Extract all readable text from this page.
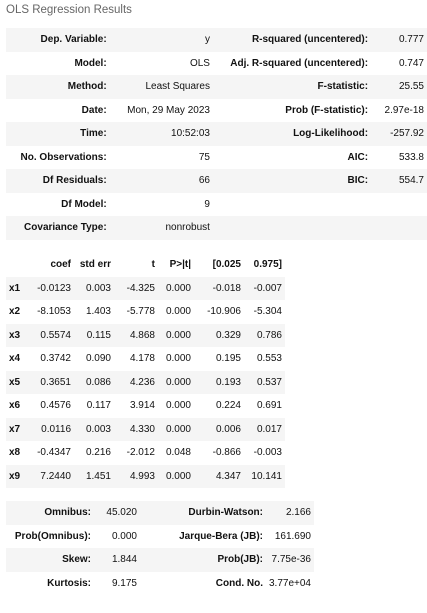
OLS Regression Results
Dep. Variable:	y	R-squared (uncentered):	0.777
Model:	OLS	Adj. R-squared (uncentered):	0.747
Method:	Least Squares	F-statistic:	25.55
Date:	Mon, 29 May 2023	Prob (F-statistic):	2.97e-18
Time:	10:52:03	Log-Likelihood:	-257.92
No. Observations:	75	AIC:	533.8
Df Residuals:	66	BIC:	554.7
Df Model:	9		
Covariance Type:	nonrobust		
	coef	std err	t	P>|t|	[0.025	0.975]
x1	-0.0123	0.003	-4.325	0.000	-0.018	-0.007
x2	-8.1053	1.403	-5.778	0.000	-10.906	-5.304
x3	0.5574	0.115	4.868	0.000	0.329	0.786
x4	0.3742	0.090	4.178	0.000	0.195	0.553
x5	0.3651	0.086	4.236	0.000	0.193	0.537
x6	0.4576	0.117	3.914	0.000	0.224	0.691
x7	0.0116	0.003	4.330	0.000	0.006	0.017
x8	-0.4347	0.216	-2.012	0.048	-0.866	-0.003
x9	7.2440	1.451	4.993	0.000	4.347	10.141
Omnibus:	45.020	Durbin-Watson:	2.166
Prob(Omnibus):	0.000	Jarque-Bera (JB):	161.690
Skew:	1.844	Prob(JB):	7.75e-36
Kurtosis:	9.175	Cond. No.	3.77e+04
